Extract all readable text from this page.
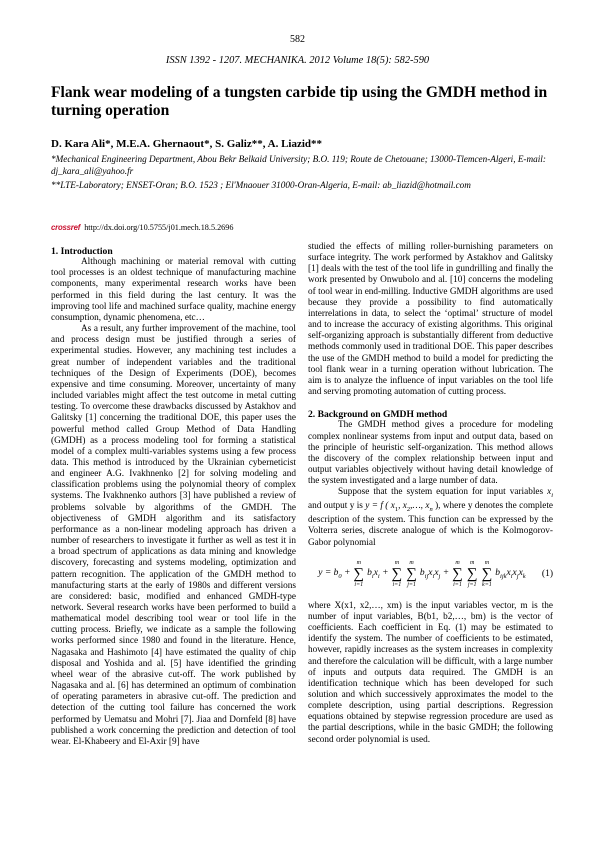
582
ISSN 1392 - 1207. MECHANIKA. 2012 Volume 18(5): 582-590
Flank wear modeling of a tungsten carbide tip using the GMDH method in turning operation
D. Kara Ali*, M.E.A. Ghernaout*, S. Galiz**, A. Liazid**
*Mechanical Engineering Department, Abou Bekr Belkaid University; B.O. 119; Route de Chetouane; 13000-Tlemcen-Algeri, E-mail: dj_kara_ali@yahoo.fr
**LTE-Laboratory; ENSET-Oran; B.O. 1523 ; El'Mnaouer 31000-Oran-Algeria, E-mail: ab_liazid@hotmail.com
crossref http://dx.doi.org/10.5755/j01.mech.18.5.2696

1. Introduction

Although machining or material removal with cutting tool processes is an oldest technique of manufacturing machine components, many experimental research works have been performed in this field during the last century. It was the improving tool life and machined surface quality, machine energy consumption, dynamic phenomena, etc…

As a result, any further improvement of the machine, tool and process design must be justified through a series of experimental studies. However, any machining test includes a great number of independent variables and the traditional techniques of the Design of Experiments (DOE), becomes expensive and time consuming. Moreover, uncertainty of many included variables might affect the test outcome in metal cutting testing. To overcome these drawbacks discussed by Astakhov and Galitsky [1] concerning the traditional DOE, this paper uses the powerful method called Group Method of Data Handling (GMDH) as a process modeling tool for forming a statistical model of a complex multi-variables systems using a few process data. This method is introduced by the Ukrainian cyberneticist and engineer A.G. Ivakhnenko [2] for solving modeling and classification problems using the polynomial theory of complex systems. The Ivakhnenko authors [3] have published a review of problems solvable by algorithms of the GMDH. The objectiveness of GMDH algorithm and its satisfactory performance as a non-linear modeling approach has driven a number of researchers to investigate it further as well as test it in a broad spectrum of applications as data mining and knowledge discovery, forecasting and systems modeling, optimization and pattern recognition. The application of the GMDH method to manufacturing starts at the early of 1980s and different versions are considered: basic, modified and enhanced GMDH-type network. Several research works have been performed to build a mathematical model describing tool wear or tool life in the cutting process. Briefly, we indicate as a sample the following works performed since 1980 and found in the literature. Hence, Nagasaka and Hashimoto [4] have estimated the quality of chip disposal and Yoshida and al. [5] have identified the grinding wheel wear of the abrasive cut-off. The work published by Nagasaka and al. [6] has determined an optimum of combination of operating parameters in abrasive cut-off. The prediction and detection of the cutting tool failure has concerned the work performed by Uematsu and Mohri [7]. Jiaa and Dornfeld [8] have published a work concerning the prediction and detection of tool wear. El-Khabeery and El-Axir [9] have

studied the effects of milling roller-burnishing parameters on surface integrity. The work performed by Astakhov and Galitsky [1] deals with the test of the tool life in gundrilling and finally the work presented by Onwubolo and al. [10] concerns the modeling of tool wear in end-milling. Inductive GMDH algorithms are used because they provide a possibility to find automatically interrelations in data, to select the ‘optimal’ structure of model and to increase the accuracy of existing algorithms. This original self-organizing approach is substantially different from deductive methods commonly used in traditional DOE. This paper describes the use of the GMDH method to build a model for predicting the tool flank wear in a turning operation without lubrication. The aim is to analyze the influence of input variables on the tool life and serving promoting automation of cutting process.

2. Background on GMDH method

The GMDH method gives a procedure for modeling complex nonlinear systems from input and output data, based on the principle of heuristic self-organization. This method allows the discovery of the complex relationship between input and output variables objectively without having detail knowledge of the system investigated and a large number of data.

Suppose that the system equation for input variables $x_i$ and output y is y = f ( $x_1$, $x_2,\dots$, $x_n$ ), where y denotes the complete description of the system. This function can be expressed by the Volterra series, discrete analogue of which is the Kolmogorov-Gabor polynomial

$y = b_0$ +
m
∑
i=1
$b_ix_i$ +
m
∑
i=1
m
∑
j=1
$b_{ij}x_ix_j$ +
m
∑
i=1
m
∑
j=1
m
∑
k=1
$b_{ijk}x_ix_jx_k$ (1)

where X(x1, x2,…, xm) is the input variables vector, m is the number of input variables, B(b1, b2,…, bm) is the vector of coefficients. Each coefficient in Eq. (1) may be estimated to identify the system. The number of coefficients to be estimated, however, rapidly increases as the system increases in complexity and therefore the calculation will be difficult, with a large number of inputs and outputs data required. The GMDH is an identification technique which has been developed for such solution and which successively approximates the model to the complete description, using partial descriptions. Regression equations obtained by stepwise regression procedure are used as the partial descriptions, while in the basic GMDH; the following second order polynomial is used.
